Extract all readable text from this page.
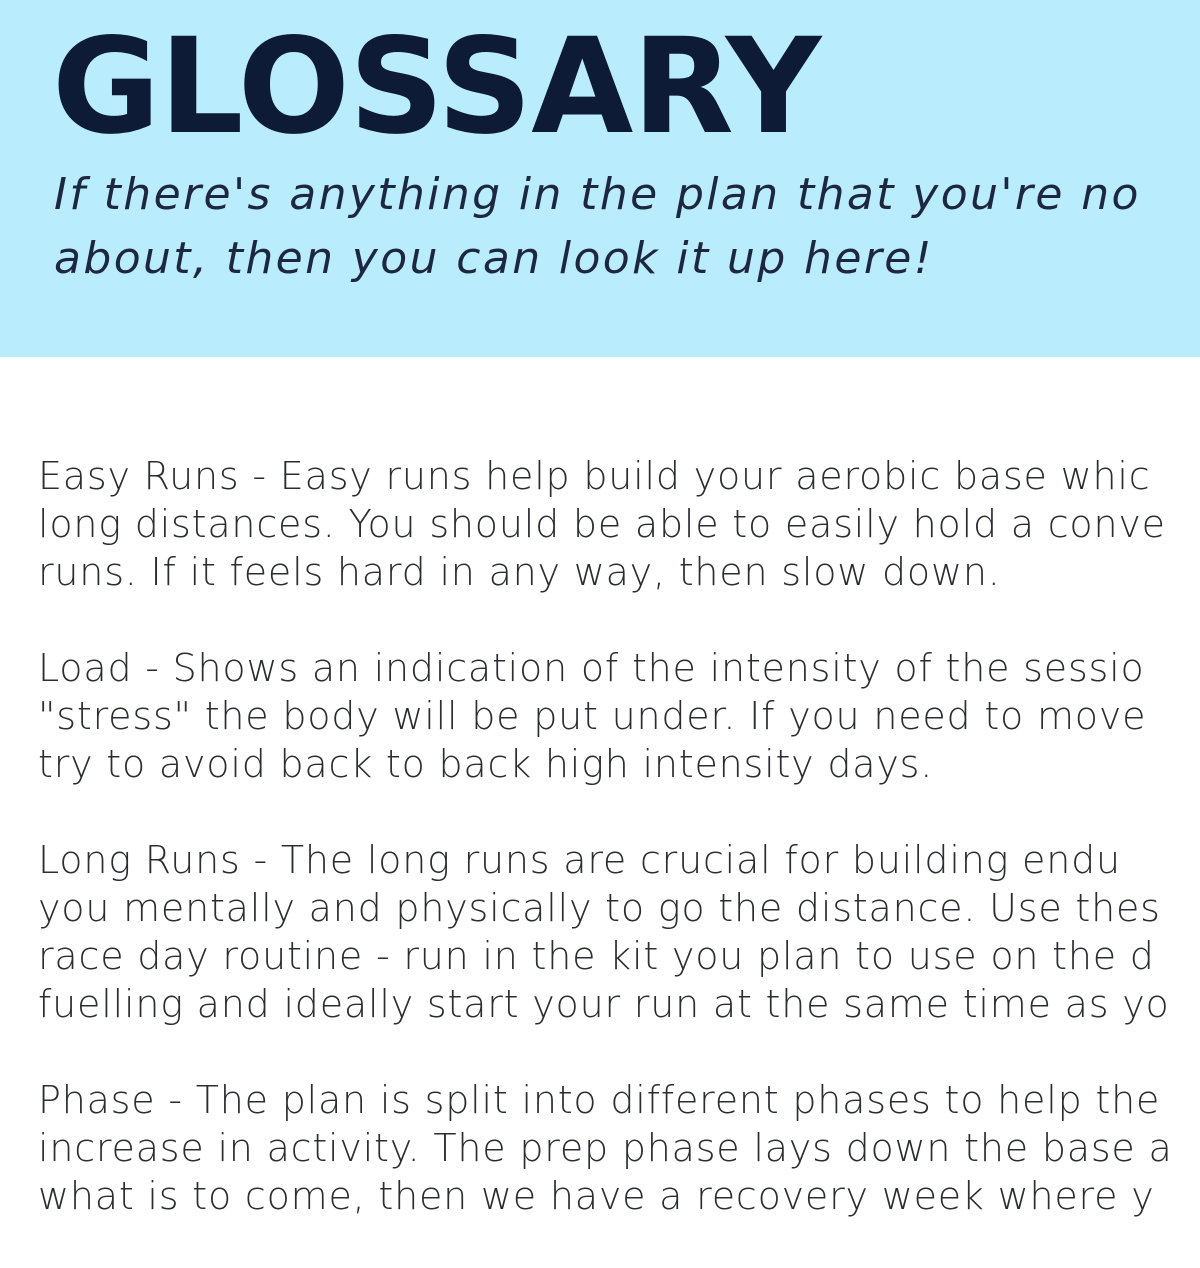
GLOSSARY

If there's anything in the plan that you're no
about, then you can look it up here!

Easy Runs - Easy runs help build your aerobic base whic
long distances. You should be able to easily hold a conve
runs. If it feels hard in any way, then slow down.
Load - Shows an indication of the intensity of the sessio
"stress" the body will be put under. If you need to move
try to avoid back to back high intensity days.
Long Runs - The long runs are crucial for building endu
you mentally and physically to go the distance. Use thes
race day routine - run in the kit you plan to use on the d
fuelling and ideally start your run at the same time as yo
Phase - The plan is split into different phases to help the
increase in activity. The prep phase lays down the base a
what is to come, then we have a recovery week where y
